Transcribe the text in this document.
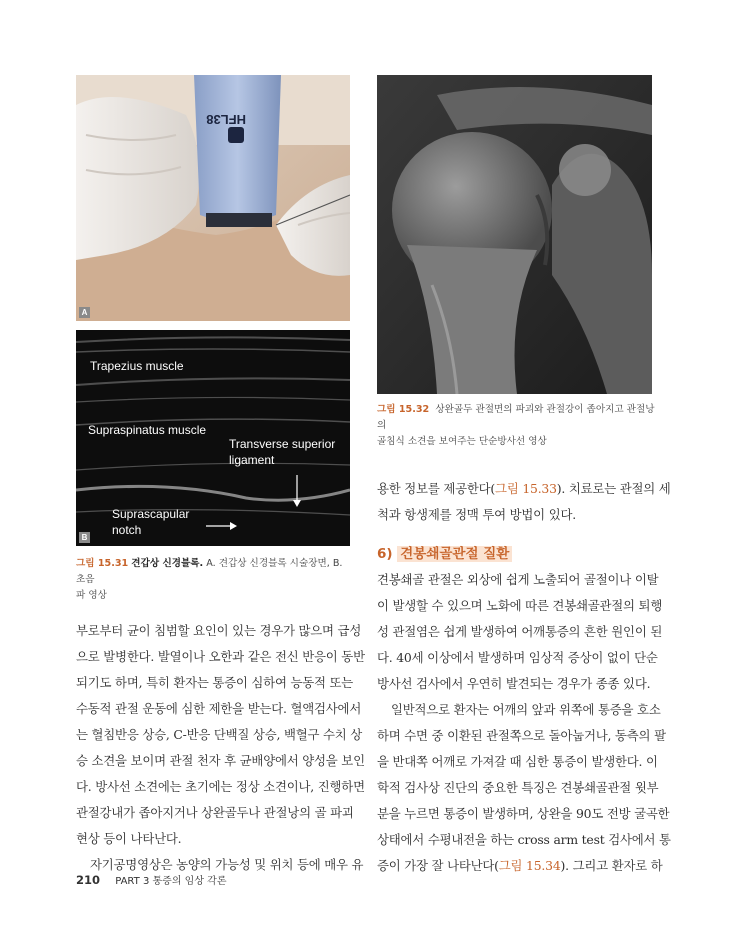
HFL38
A
Trapezius muscle
Supraspinatus muscle
Transverse superior
ligament
Suprascapular
notch
B
그림 15.31 견갑상 신경블록. A. 견갑상 신경블록 시술장면, B. 초음
파 영상
그림 15.32 상완골두 관절면의 파괴와 관절강이 좁아지고 관절낭의
골침식 소견을 보여주는 단순방사선 영상
부로부터 균이 침범할 요인이 있는 경우가 많으며 급성
으로 발병한다. 발열이나 오한과 같은 전신 반응이 동반
되기도 하며, 특히 환자는 통증이 심하여 능동적 또는
수동적 관절 운동에 심한 제한을 받는다. 혈액검사에서
는 혈침반응 상승, C-반응 단백질 상승, 백혈구 수치 상
승 소견을 보이며 관절 천자 후 균배양에서 양성을 보인
다. 방사선 소견에는 초기에는 정상 소견이나, 진행하면
관절강내가 좁아지거나 상완골두나 관절낭의 골 파괴
현상 등이 나타난다.
자기공명영상은 농양의 가능성 및 위치 등에 매우 유
용한 정보를 제공한다(그림 15.33). 치료로는 관절의 세
척과 항생제를 정맥 투여 방법이 있다.
6) 견봉쇄골관절 질환
견봉쇄골 관절은 외상에 쉽게 노출되어 골절이나 이탈
이 발생할 수 있으며 노화에 따른 견봉쇄골관절의 퇴행
성 관절염은 쉽게 발생하여 어깨통증의 흔한 원인이 된
다. 40세 이상에서 발생하며 임상적 증상이 없이 단순
방사선 검사에서 우연히 발견되는 경우가 종종 있다.
일반적으로 환자는 어깨의 앞과 위쪽에 통증을 호소
하며 수면 중 이환된 관절쪽으로 돌아눕거나, 동측의 팔
을 반대쪽 어깨로 가져갈 때 심한 통증이 발생한다. 이
학적 검사상 진단의 중요한 특징은 견봉쇄골관절 윗부
분을 누르면 통증이 발생하며, 상완을 90도 전방 굴곡한
상태에서 수평내전을 하는 cross arm test 검사에서 통
증이 가장 잘 나타난다(그림 15.34). 그리고 환자로 하
210 PART 3 통증의 임상 각론
